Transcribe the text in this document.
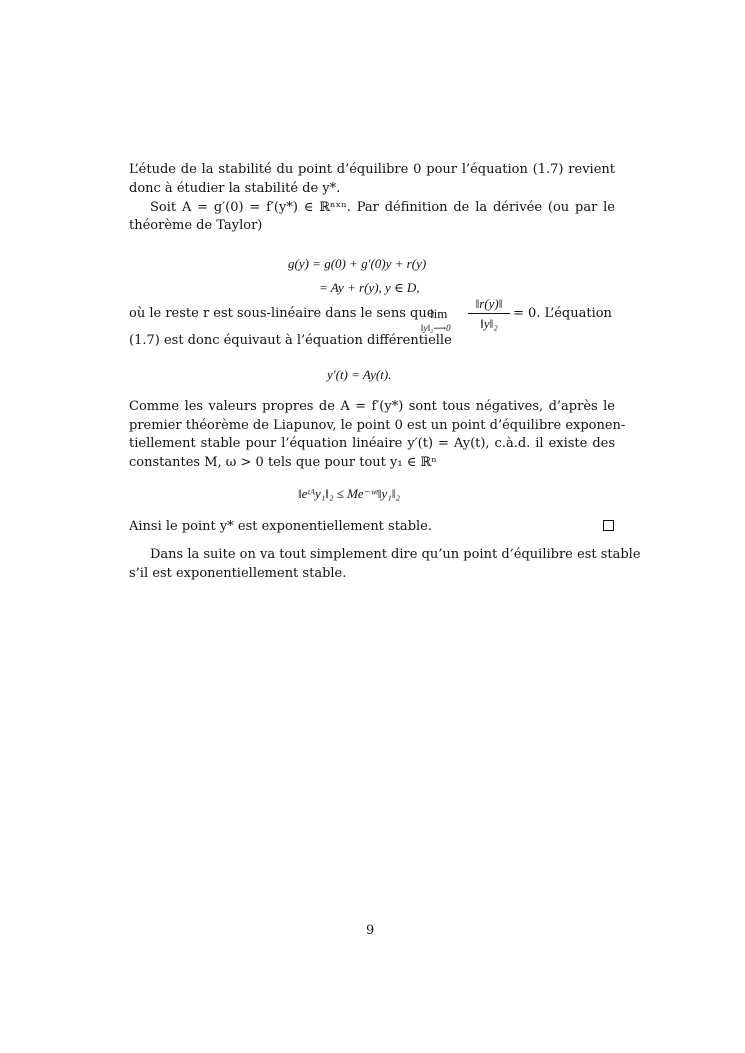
L’étude de la stabilité du point d’équilibre 0 pour l’équation (1.7) revient
donc à étudier la stabilité de y*.
Soit A = g′(0) = f′(y*) ∈ ℝⁿˣⁿ. Par définition de la dérivée (ou par le
théorème de Taylor)
g(y) = g(0) + g′(0)y + r(y)
= Ay + r(y), y ∈ D,
où le reste r est sous-linéaire dans le sens que
lim
‖y‖₂⟶0
‖r(y)‖
‖y‖₂
= 0. L’équation
(1.7) est donc équivaut à l’équation différentielle
y′(t) = Ay(t).
Comme les valeurs propres de A = f′(y*) sont tous négatives, d’après le
premier théorème de Liapunov, le point 0 est un point d’équilibre exponen-
tiellement stable pour l’équation linéaire y′(t) = Ay(t), c.à.d. il existe des
constantes M, ω > 0 tels que pour tout y₁ ∈ ℝⁿ
‖eᵗᴬy₁‖₂ ≤ Me⁻ʷᵗ‖y₁‖₂
Ainsi le point y* est exponentiellement stable.
Dans la suite on va tout simplement dire qu’un point d’équilibre est stable
s’il est exponentiellement stable.
9
